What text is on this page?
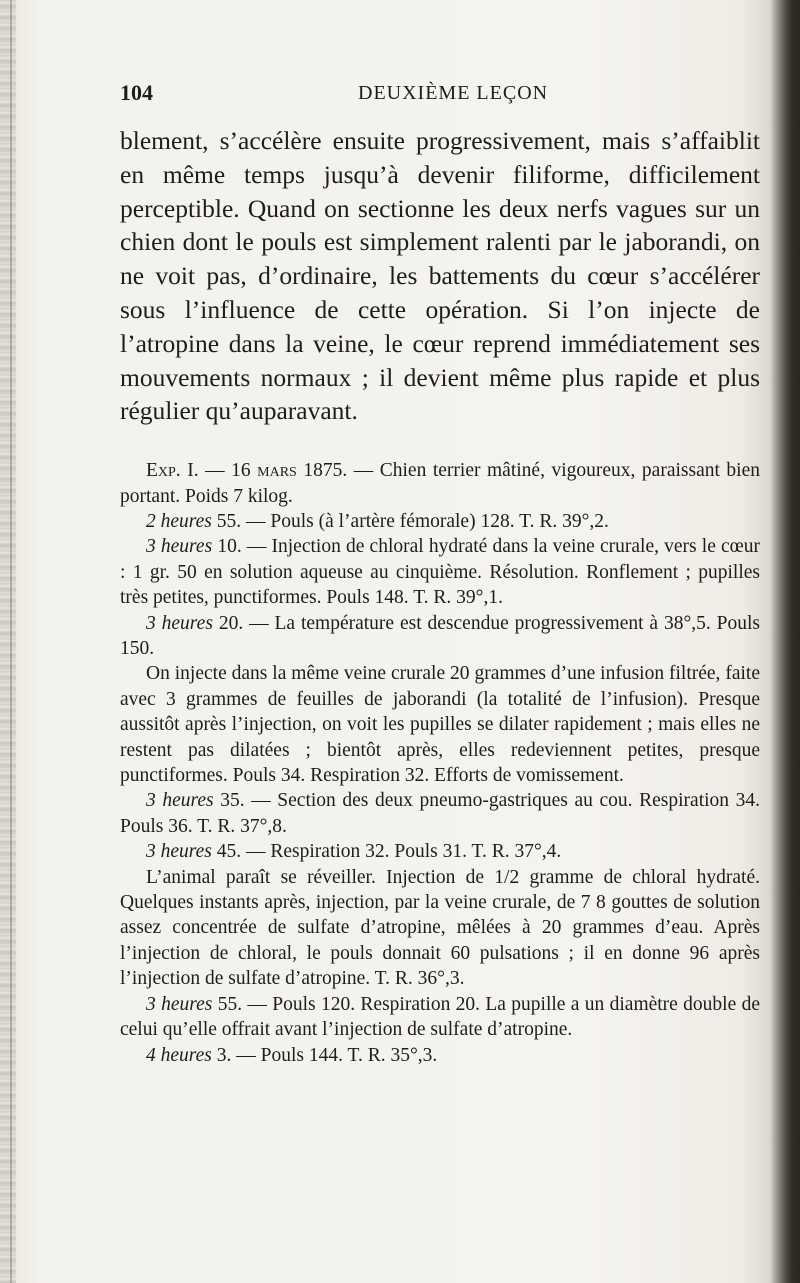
104	DEUXIÈME LEÇON

blement, s’accélère ensuite progressivement, mais s’affaiblit en même temps jusqu’à devenir filiforme, difficilement perceptible. Quand on sectionne les deux nerfs vagues sur un chien dont le pouls est simplement ralenti par le jaborandi, on ne voit pas, d’ordinaire, les battements du cœur s’accélérer sous l’influence de cette opération. Si l’on injecte de l’atropine dans la veine, le cœur reprend immédiatement ses mouvements normaux ; il devient même plus rapide et plus régulier qu’auparavant.

Exp. I. — 16 mars 1875. — Chien terrier mâtiné, vigoureux, paraissant bien portant. Poids 7 kilog.

2 heures 55. — Pouls (à l’artère fémorale) 128. T. R. 39°,2.

3 heures 10. — Injection de chloral hydraté dans la veine crurale, vers le cœur : 1 gr. 50 en solution aqueuse au cinquième. Résolution. Ronflement ; pupilles très petites, punctiformes. Pouls 148. T. R. 39°,1.

3 heures 20. — La température est descendue progressivement à 38°,5. Pouls 150.

On injecte dans la même veine crurale 20 grammes d’une infusion filtrée, faite avec 3 grammes de feuilles de jaborandi (la totalité de l’infusion). Presque aussitôt après l’injection, on voit les pupilles se dilater rapidement ; mais elles ne restent pas dilatées ; bientôt après, elles redeviennent petites, presque punctiformes. Pouls 34. Respiration 32. Efforts de vomissement.

3 heures 35. — Section des deux pneumo-gastriques au cou. Respiration 34. Pouls 36. T. R. 37°,8.

3 heures 45. — Respiration 32. Pouls 31. T. R. 37°,4.

L’animal paraît se réveiller. Injection de 1/2 gramme de chloral hydraté. Quelques instants après, injection, par la veine crurale, de 7 8 gouttes de solution assez concentrée de sulfate d’atropine, mêlées à 20 grammes d’eau. Après l’injection de chloral, le pouls donnait 60 pulsations ; il en donne 96 après l’injection de sulfate d’atropine. T. R. 36°,3.

3 heures 55. — Pouls 120. Respiration 20. La pupille a un diamètre double de celui qu’elle offrait avant l’injection de sulfate d’atropine.

4 heures 3. — Pouls 144. T. R. 35°,3.
